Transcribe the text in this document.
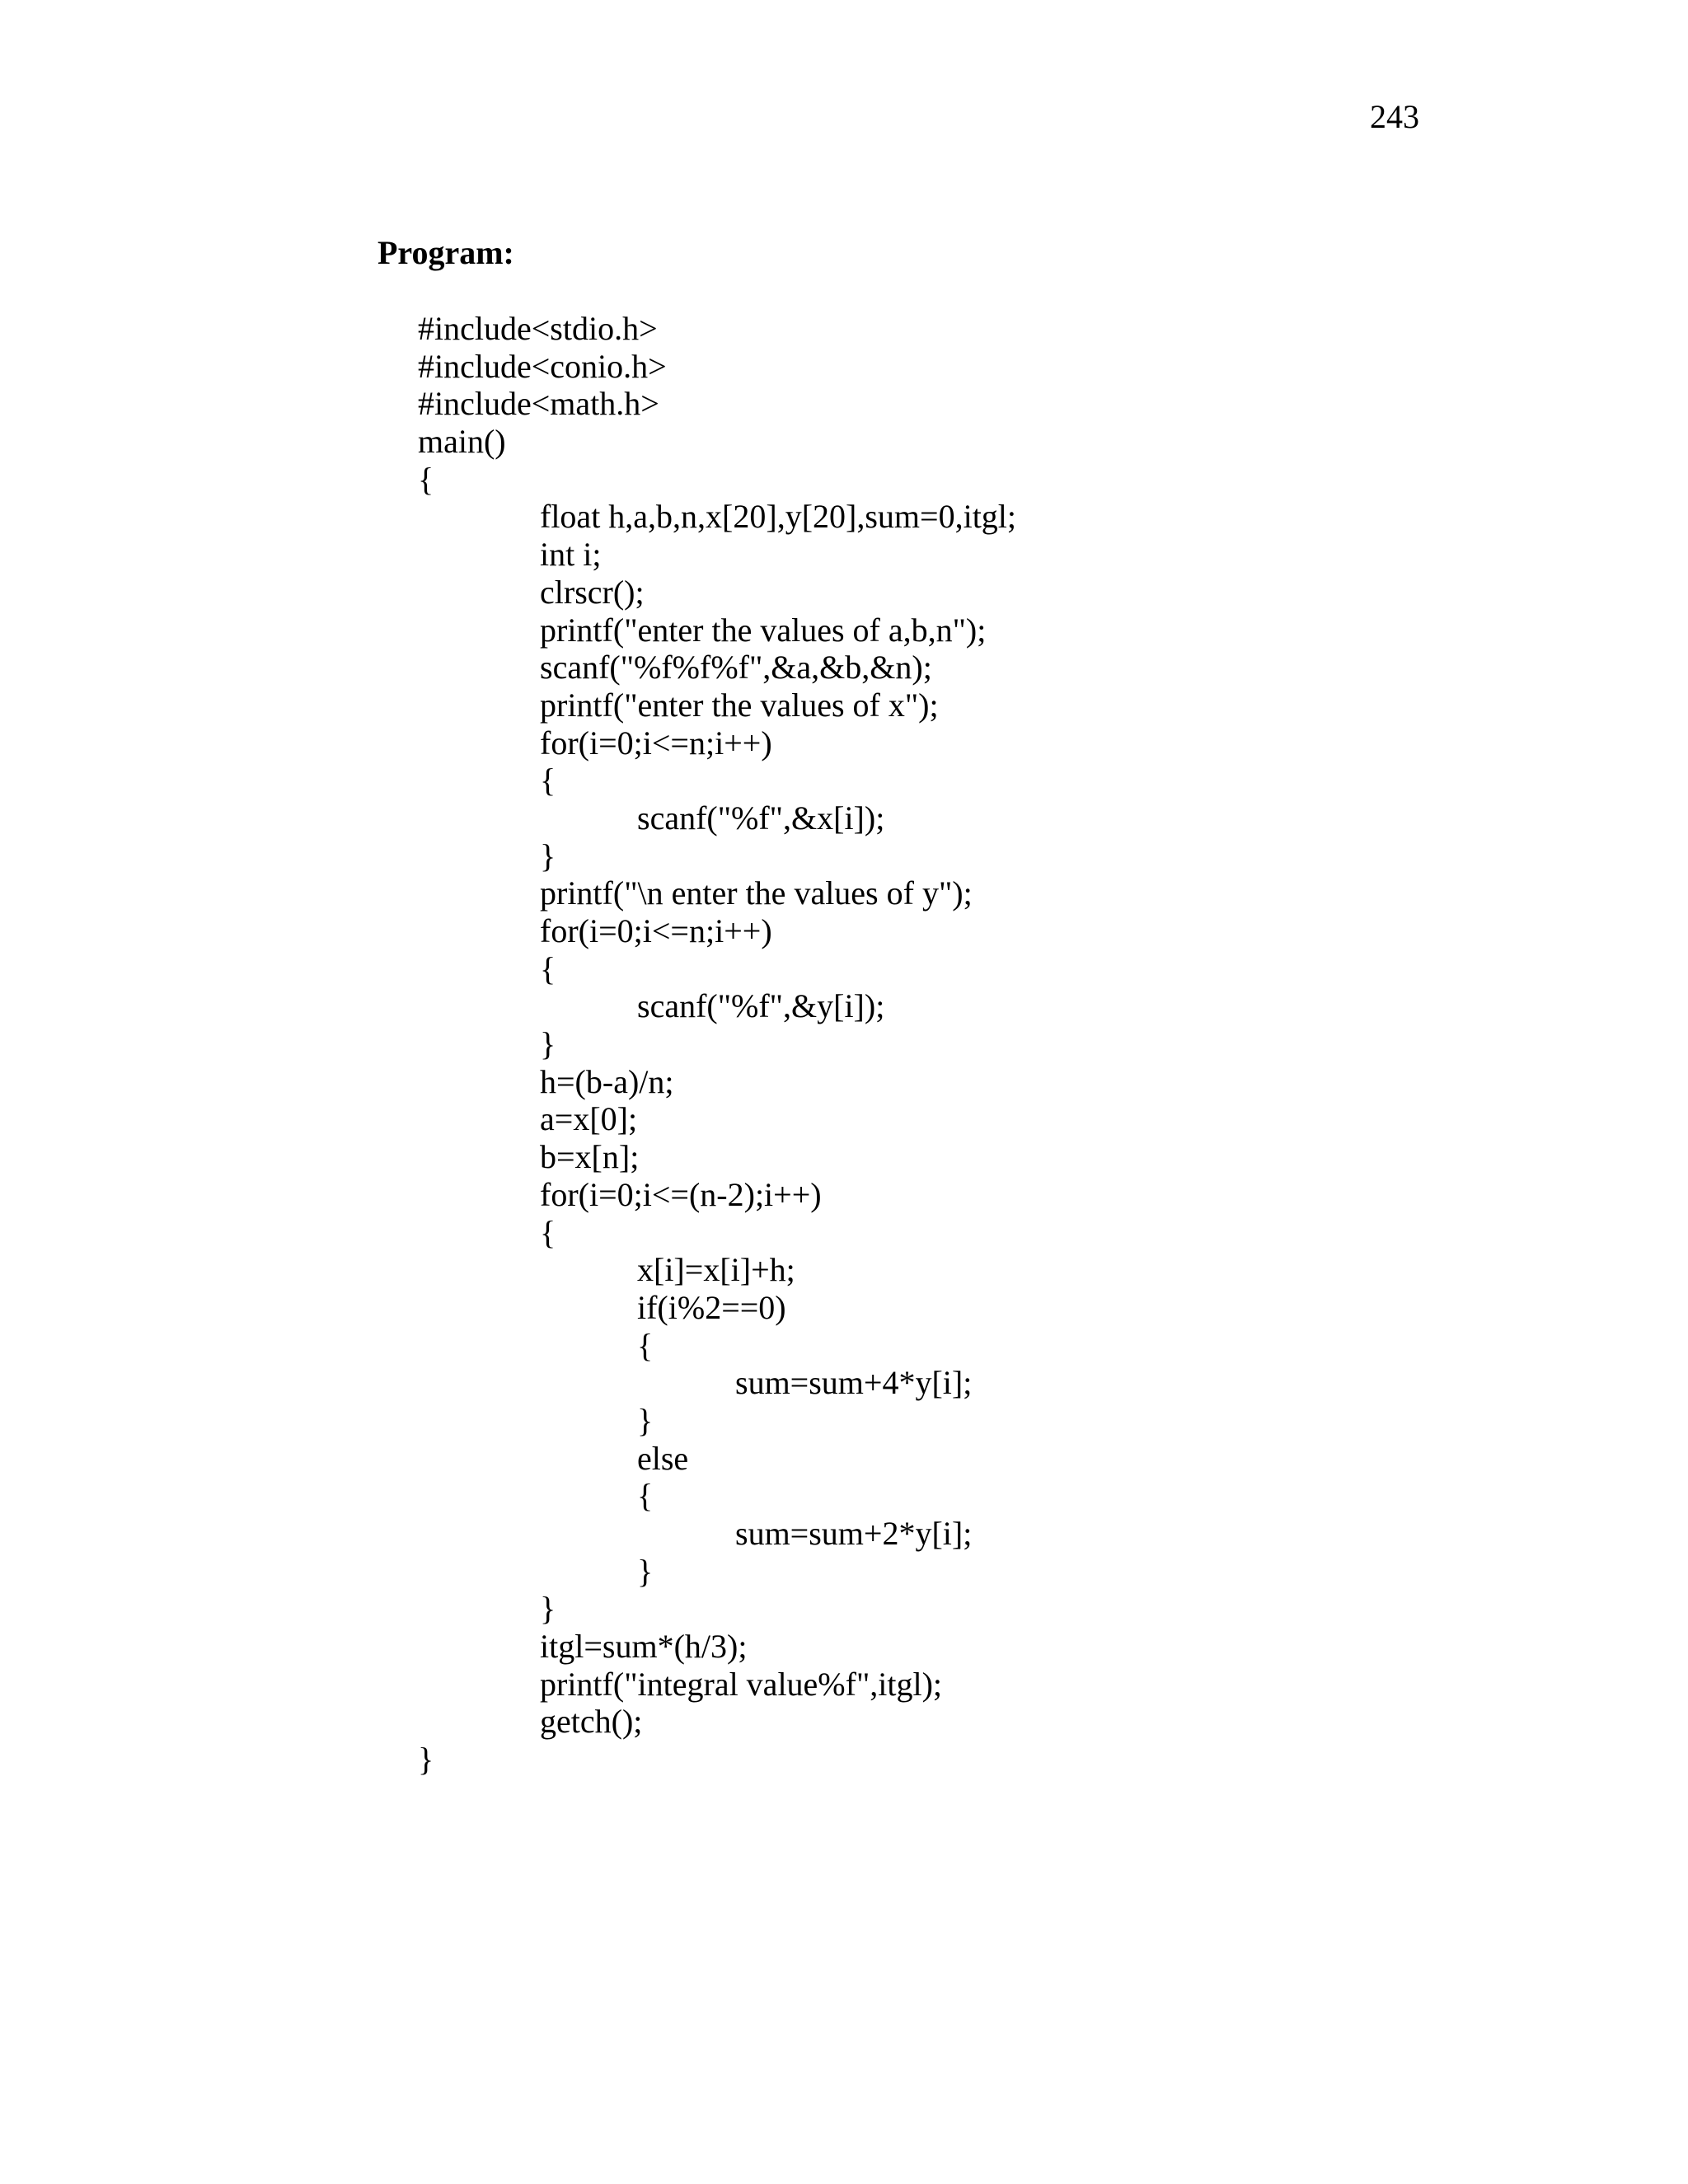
243
Program:
#include<stdio.h>
#include<conio.h>
#include<math.h>
main()
{
float h,a,b,n,x[20],y[20],sum=0,itgl;
int i;
clrscr();
printf("enter the values of a,b,n");
scanf("%f%f%f",&a,&b,&n);
printf("enter the values of x");
for(i=0;i<=n;i++)
{
scanf("%f",&x[i]);
}
printf("\n enter the values of y");
for(i=0;i<=n;i++)
{
scanf("%f",&y[i]);
}
h=(b-a)/n;
a=x[0];
b=x[n];
for(i=0;i<=(n-2);i++)
{
x[i]=x[i]+h;
if(i%2==0)
{
sum=sum+4*y[i];
}
else
{
sum=sum+2*y[i];
}
}
itgl=sum*(h/3);
printf("integral value%f",itgl);
getch();
}
